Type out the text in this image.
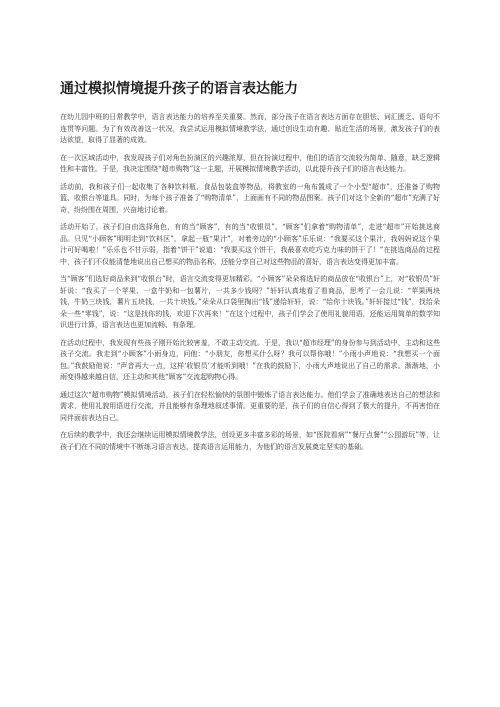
通过模拟情境提升孩子的语言表达能力

在幼儿园中班的日常教学中，语言表达能力的培养至关重要。然而，部分孩子在语言表达方面存在胆怯、词汇匮乏、语句不连贯等问题。为了有效改善这一状况，我尝试运用模拟情境教学法，通过创设生动有趣、贴近生活的场景，激发孩子们的表达欲望，取得了显著的成效。

在一次区域活动中，我发现孩子们对角色扮演区的兴趣浓厚，但在扮演过程中，他们的语言交流较为简单、随意，缺乏逻辑性和丰富性。于是，我决定围绕“超市购物”这一主题，开展模拟情境教学活动，以此提升孩子们的语言表达能力。

活动前，我和孩子们一起收集了各种饮料瓶、食品包装盒等物品，将教室的一角布置成了一个小型“超市”，还准备了购物篮、收银台等道具。同时，为每个孩子准备了“购物清单”，上面画有不同的物品图案。孩子们对这个全新的“超市”充满了好奇，纷纷围在周围，兴奋地讨论着。

活动开始了，孩子们自由选择角色，有的当“顾客”，有的当“收银员”。“顾客”们拿着“购物清单”，走进“超市”开始挑选商品。只见“小顾客”明明走到“饮料区”，拿起一瓶“果汁”，对着旁边的“小顾客”乐乐说：“我要买这个果汁，我妈妈说这个果汁可好喝啦！”乐乐也不甘示弱，指着“饼干”说道：“我要买这个饼干，我最喜欢吃巧克力味的饼干了！”在挑选商品的过程中，孩子们不仅能清楚地说出自己想买的物品名称，还能分享自己对这些物品的喜好，语言表达变得更加丰富。

当“顾客”们选好商品来到“收银台”时，语言交流变得更加精彩。“小顾客”朵朵将选好的商品放在“收银台”上，对“收银员”轩轩说：“我买了一个苹果、一盒牛奶和一包薯片，一共多少钱呀？”轩轩认真地看了看商品，思考了一会儿说：“苹果两块钱，牛奶三块钱，薯片五块钱，一共十块钱。”朵朵从口袋里掏出“钱”递给轩轩，说：“给你十块钱。”轩轩接过“钱”，找给朵朵一些“零钱”，说：“这是找你的钱，欢迎下次再来！”在这个过程中，孩子们学会了使用礼貌用语，还能运用简单的数学知识进行计算，语言表达也更加流畅、有条理。

在活动过程中，我发现有些孩子刚开始比较害羞，不敢主动交流。于是，我以“超市经理”的身份参与到活动中，主动和这些孩子交流。我走到“小顾客”小雨身边，问他：“小朋友，你想买什么呀？我可以帮你哦！”小雨小声地说：“我想买一个面包。”我鼓励他说：“声音再大一点，这样‘收银员’才能听到哦！”在我的鼓励下，小雨大声地说出了自己的需求。渐渐地，小雨变得越来越自信，还主动和其他“顾客”交流起购物心得。

通过这次“超市购物”模拟情境活动，孩子们在轻松愉快的氛围中锻炼了语言表达能力。他们学会了准确地表达自己的想法和需求，使用礼貌用语进行交流，并且能够有条理地叙述事情。更重要的是，孩子们的自信心得到了极大的提升，不再害怕在同伴面前表达自己。

在后续的教学中，我还会继续运用模拟情境教学法，创设更多丰富多彩的场景，如“医院看病”“餐厅点餐”“公园游玩”等，让孩子们在不同的情境中不断练习语言表达，提高语言运用能力，为他们的语言发展奠定坚实的基础。
